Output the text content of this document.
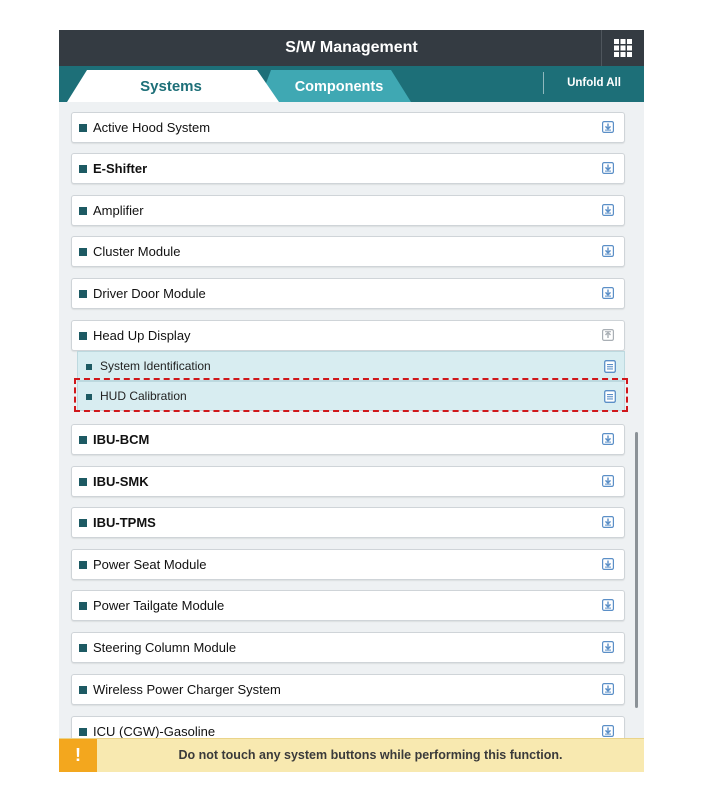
S/W Management
Components
Systems	Unfold All
Active Hood System
E-Shifter
Amplifier
Cluster Module
Driver Door Module
Head Up Display
System Identification
HUD Calibration
IBU-BCM
IBU-SMK
IBU-TPMS
Power Seat Module
Power Tailgate Module
Steering Column Module
Wireless Power Charger System
ICU (CGW)-Gasoline
!	Do not touch any system buttons while performing this function.
